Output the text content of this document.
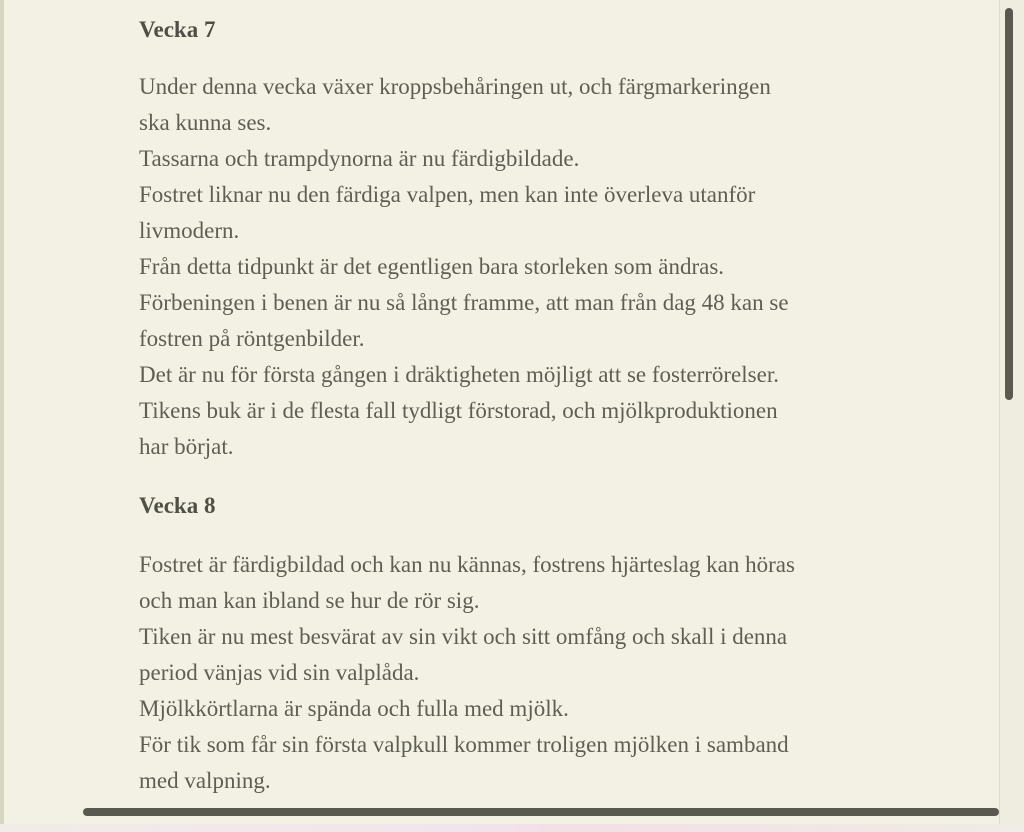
Vecka 7

Under denna vecka växer kroppsbehåringen ut, och färgmarkeringen

ska kunna ses.

Tassarna och trampdynorna är nu färdigbildade.

Fostret liknar nu den färdiga valpen, men kan inte överleva utanför

livmodern.

Från detta tidpunkt är det egentligen bara storleken som ändras.

Förbeningen i benen är nu så långt framme, att man från dag 48 kan se

fostren på röntgenbilder.

Det är nu för första gången i dräktigheten möjligt att se fosterrörelser.

Tikens buk är i de flesta fall tydligt förstorad, och mjölkproduktionen

har börjat.

Vecka 8

Fostret är färdigbildad och kan nu kännas, fostrens hjärteslag kan höras

och man kan ibland se hur de rör sig.

Tiken är nu mest besvärat av sin vikt och sitt omfång och skall i denna

period vänjas vid sin valplåda.

Mjölkkörtlarna är spända och fulla med mjölk.

För tik som får sin första valpkull kommer troligen mjölken i samband

med valpning.
